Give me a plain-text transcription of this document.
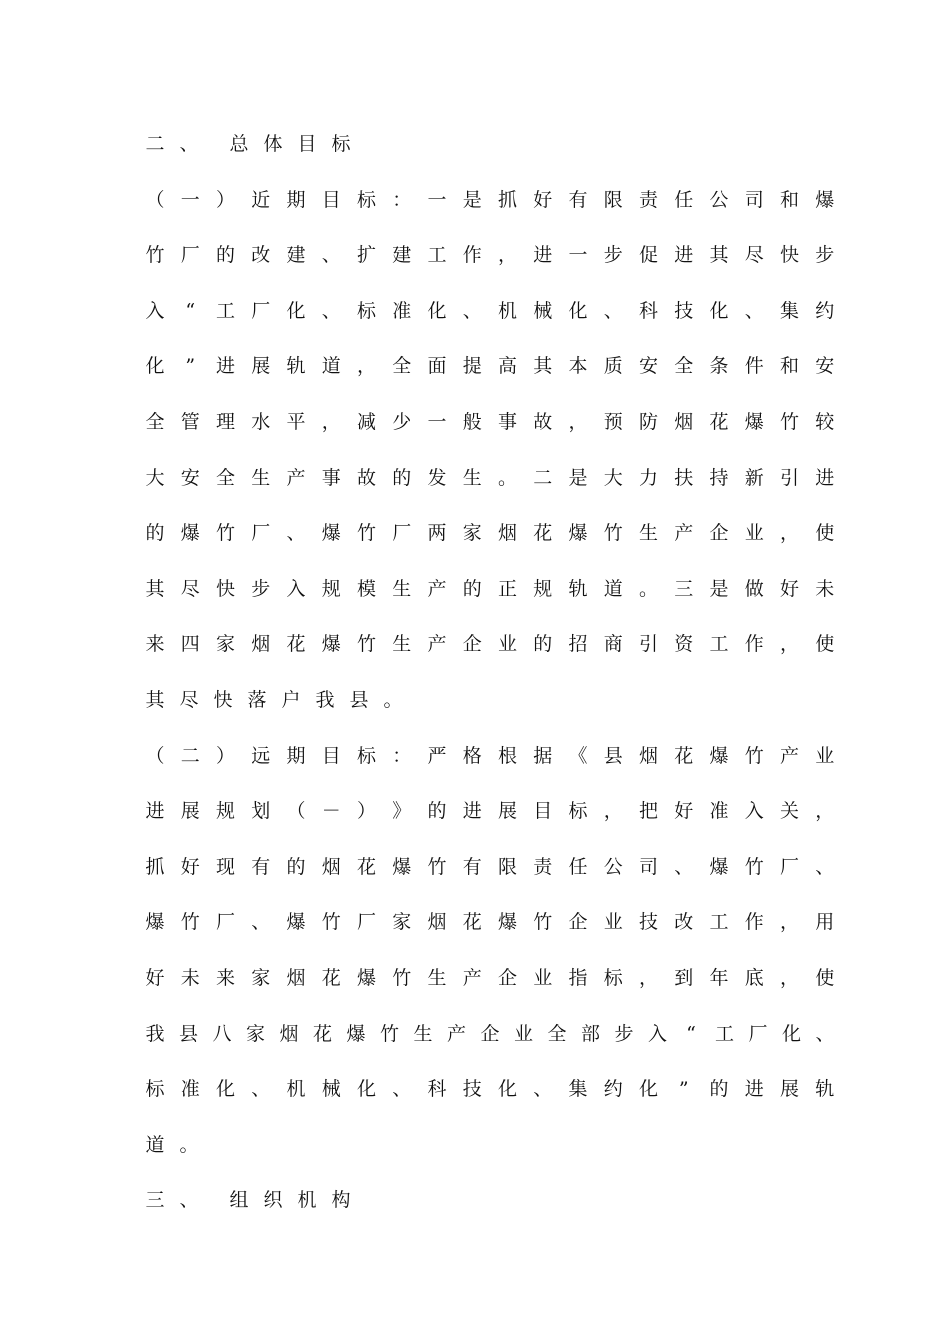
二 、 总 体 目 标
（ 一 ） 近 期 目 标 ： 一 是 抓 好 有 限 责 任 公 司 和 爆
竹 厂 的 改 建 、 扩 建 工 作 ， 进 一 步 促 进 其 尽 快 步
入 “ 工 厂 化 、 标 准 化 、 机 械 化 、 科 技 化 、 集 约
化 ” 进 展 轨 道 ， 全 面 提 高 其 本 质 安 全 条 件 和 安
全 管 理 水 平 ， 减 少 一 般 事 故 ， 预 防 烟 花 爆 竹 较
大 安 全 生 产 事 故 的 发 生 。 二 是 大 力 扶 持 新 引 进
的 爆 竹 厂 、 爆 竹 厂 两 家 烟 花 爆 竹 生 产 企 业 ， 使
其 尽 快 步 入 规 模 生 产 的 正 规 轨 道 。 三 是 做 好 未
来 四 家 烟 花 爆 竹 生 产 企 业 的 招 商 引 资 工 作 ， 使
其 尽 快 落 户 我 县 。
（ 二 ） 远 期 目 标 ： 严 格 根 据 《 县 烟 花 爆 竹 产 业
进 展 规 划 （ － ） 》 的 进 展 目 标 ， 把 好 准 入 关 ，
抓 好 现 有 的 烟 花 爆 竹 有 限 责 任 公 司 、 爆 竹 厂 、
爆 竹 厂 、 爆 竹 厂 家 烟 花 爆 竹 企 业 技 改 工 作 ， 用
好 未 来 家 烟 花 爆 竹 生 产 企 业 指 标 ， 到 年 底 ， 使
我 县 八 家 烟 花 爆 竹 生 产 企 业 全 部 步 入 “ 工 厂 化 、
标 准 化 、 机 械 化 、 科 技 化 、 集 约 化 ” 的 进 展 轨
道 。
三 、 组 织 机 构
